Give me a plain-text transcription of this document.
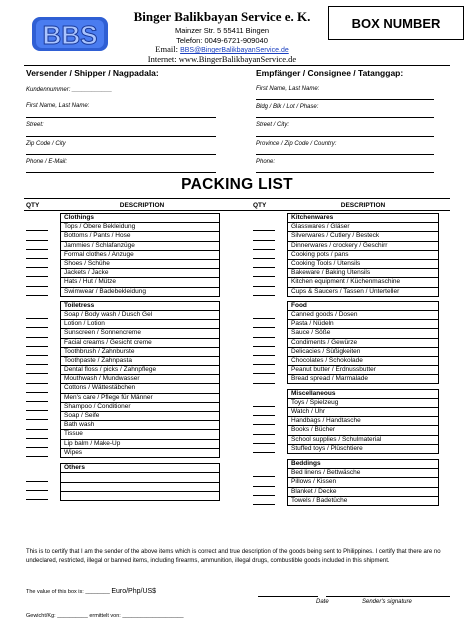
BBS
Binger Balikbayan Service e. K.
Mainzer Str. 5 55411 Bingen
Telefon: 0049-6721-909040
Email: BBS@BingerBalikbayanService.de
Internet: www.BingerBalikbayanService.de
BOX NUMBER
Versender / Shipper / Nagpadala:
Kundennummer: ____________
First Name, Last Name:
Street:
Zip Code / City
Phone / E-Mail:
Empfänger / Consignee / Tatanggap:
First Name, Last Name:
Bldg / Blk / Lot / Phase:
Street / City:
Province / Zip Code / Country:
Phone:
PACKING LIST
QTY	DESCRIPTION	QTY	DESCRIPTION
Clothings
Tops / Obere Bekleidung
Bottoms / Pants / Hose
Jammies / Schlafanzüge
Formal clothes / Anzuge
Shoes / Schühe
Jackets / Jacke
Hats / Hut / Mütze
Swimwear / Badebekleidung
Toiletress
Soap / Body wash / Dusch Gel
Lotion / Lotion
Sunscreen / Sonnencreme
Facial creams / Gesicht creme
Toothbrush / Zahnburste
Toothpaste / Zahnpasta
Dental floss / picks / Zahnpflege
Mouthwash / Mundwasser
Cottons / Wättestäbchen
Men's care / Pflege für Männer
Shampoo / Conditioner
Soap / Seife
Bath wash
Tissue
Lip balm / Make-Up
Wipes
Others
Kitchenwares
Glasswares / Gläser
Silverwares / Cutlery / Besteck
Dinnerwares / crockery / Geschirr
Cooking pots / pans
Cooking Tools / Utensils
Bakeware / Baking Utensils
Kitchen equipment / Küchenmaschine
Cups & Saucers / Tassen / Unterteller
Food
Canned goods / Dosen
Pasta / Nüdeln
Sauce / Söße
Condiments / Gewürze
Delicacies / Süßigkeiten
Chocolates / Schokolade
Peanut butter / Erdnussbutter
Bread spread / Marmalade
Miscellaneous
Toys / Spielzeug
Watch / Uhr
Handbags / Handtasche
Books / Bücher
School supplies / Schulmaterial
Stuffed toys / Plüschtiere
Beddings
Bed linens / Bettwäsche
Pillows / Kissen
Blanket / Decke
Towels / Badetüche
This is to certify that I am the sender of the above items which is correct and true description of the goods being sent to Philippines. I certify that there are no undeclared, restricted, illegal or banned items, including firearms, ammunition, illegal drugs, combustible goods included in this shipment.
The value of this box is: ________ Euro/Php/US$
Date	Sender's signature
Gewicht/Kg: __________ ermittelt von: ____________________
